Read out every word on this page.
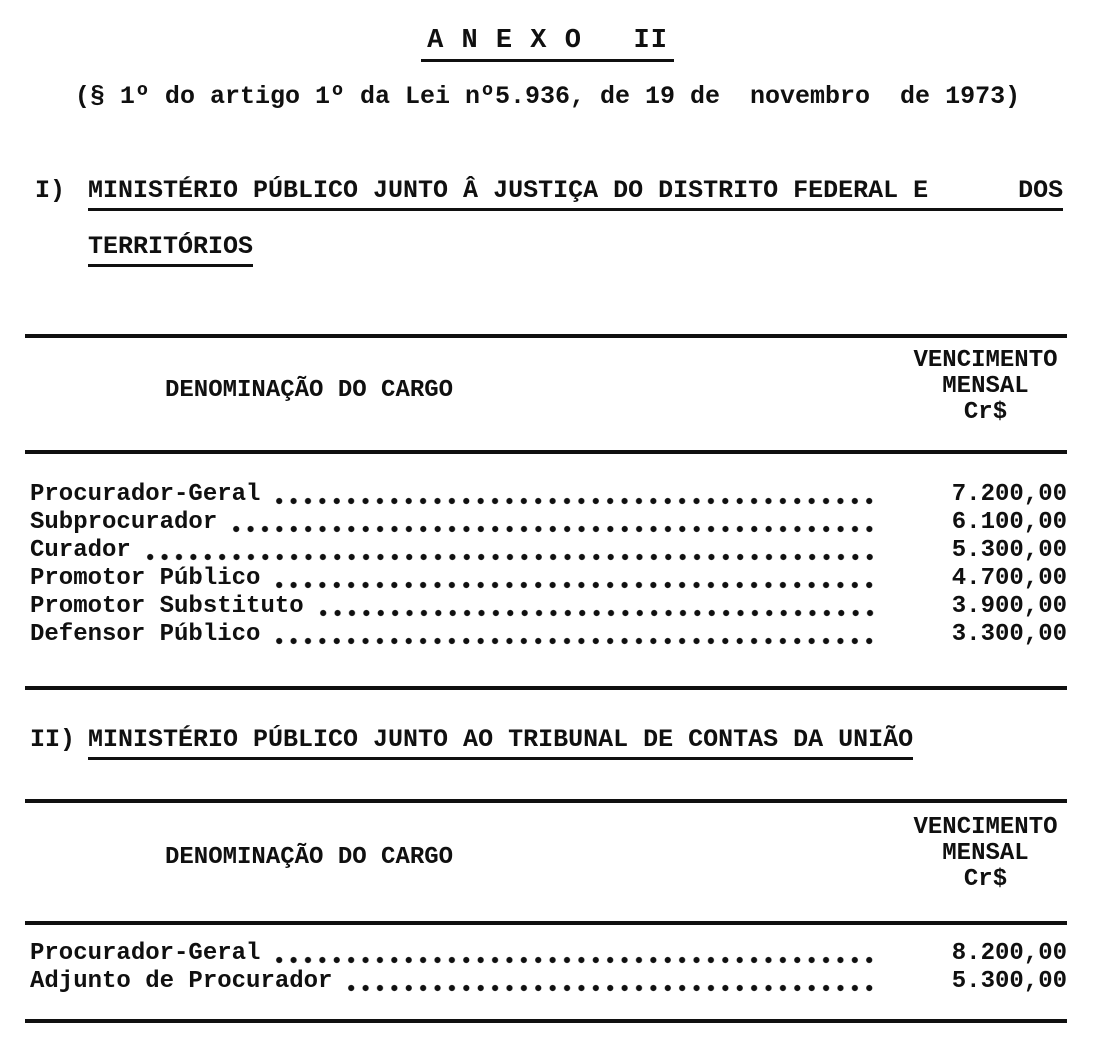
A N E X O   II
(§ 1º do artigo 1º da Lei nº5.936, de 19 de  novembro  de 1973)
I) MINISTÉRIO PÚBLICO JUNTO Â JUSTIÇA DO DISTRITO FEDERAL E      DOS
TERRITÓRIOS
DENOMINAÇÃO DO CARGO
VENCIMENTO
MENSAL
Cr$
Procurador-Geral	7.200,00
Subprocurador	6.100,00
Curador	5.300,00
Promotor Público	4.700,00
Promotor Substituto	3.900,00
Defensor Público	3.300,00
II) MINISTÉRIO PÚBLICO JUNTO AO TRIBUNAL DE CONTAS DA UNIÃO
DENOMINAÇÃO DO CARGO
VENCIMENTO
MENSAL
Cr$
Procurador-Geral	8.200,00
Adjunto de Procurador	5.300,00
